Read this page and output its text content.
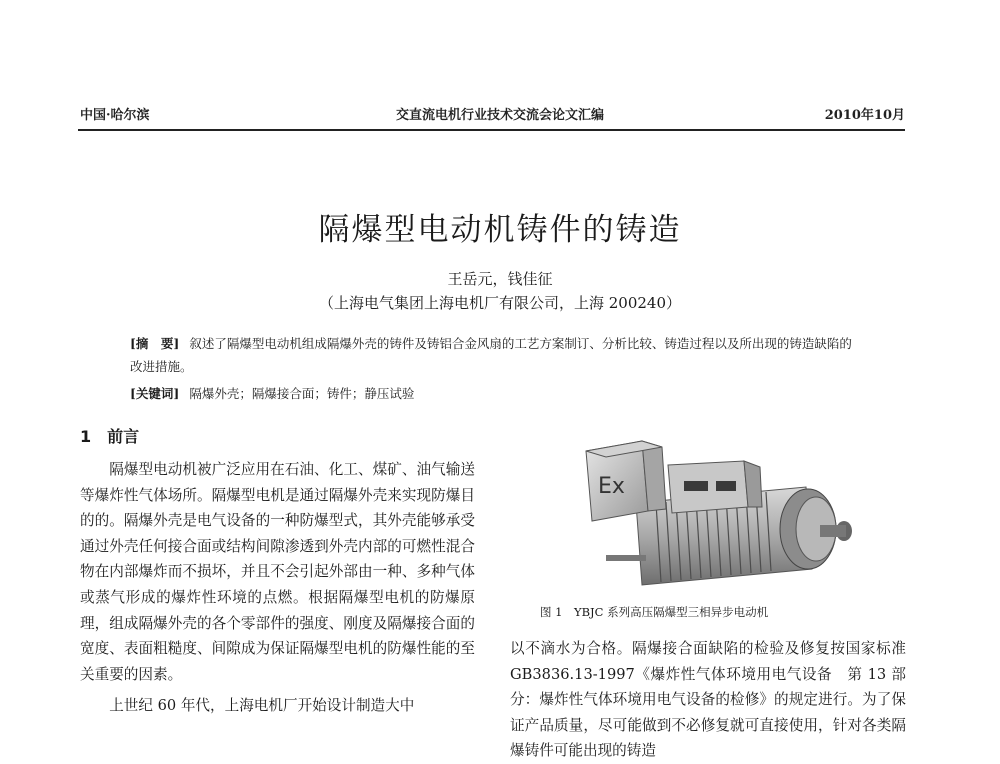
中国·哈尔滨	交直流电机行业技术交流会论文汇编	2010年10月
隔爆型电动机铸件的铸造
王岳元，钱佳征
（上海电气集团上海电机厂有限公司，上海 200240）
[摘　要] 叙述了隔爆型电动机组成隔爆外壳的铸件及铸铝合金风扇的工艺方案制订、分析比较、铸造过程以及所出现的铸造缺陷的改进措施。
[关键词] 隔爆外壳；隔爆接合面；铸件；静压试验
1 前言

隔爆型电动机被广泛应用在石油、化工、煤矿、油气输送等爆炸性气体场所。隔爆型电机是通过隔爆外壳来实现防爆目的的。隔爆外壳是电气设备的一种防爆型式，其外壳能够承受通过外壳任何接合面或结构间隙渗透到外壳内部的可燃性混合物在内部爆炸而不损坏，并且不会引起外部由一种、多种气体或蒸气形成的爆炸性环境的点燃。根据隔爆型电机的防爆原理，组成隔爆外壳的各个零部件的强度、刚度及隔爆接合面的宽度、表面粗糙度、间隙成为保证隔爆型电机的防爆性能的至关重要的因素。

上世纪 60 年代，上海电机厂开始设计制造大中

Ex
图 1　YBJC 系列高压隔爆型三相异步电动机

以不滴水为合格。隔爆接合面缺陷的检验及修复按国家标准 GB3836.13-1997《爆炸性气体环境用电气设备　第 13 部分：爆炸性气体环境用电气设备的检修》的规定进行。为了保证产品质量，尽可能做到不必修复就可直接使用，针对各类隔爆铸件可能出现的铸造
